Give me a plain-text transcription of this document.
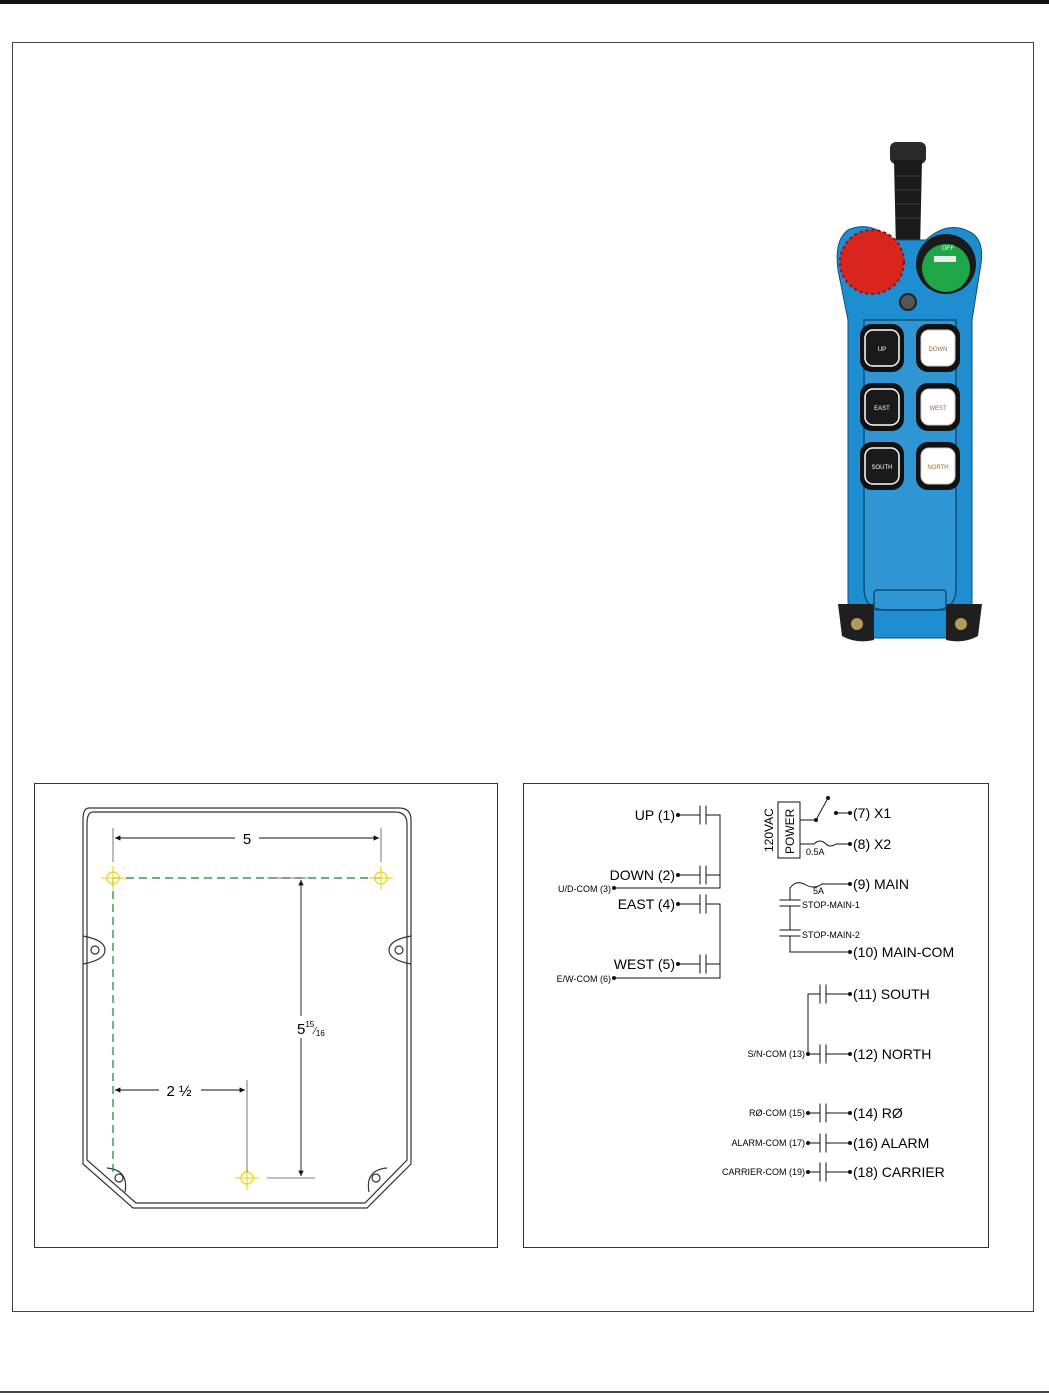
OFF
UP	DOWN
EAST	WEST
SOUTH	NORTH
5
$5^{15}_⁄16$
2 ½
UP (1)
DOWN (2)
U/D-COM (3)
EAST (4)
WEST (5)
E/W-COM (6)
POWER
120VAC	0.5A
5A
(7) X1
(8) X2
(9) MAIN
STOP-MAIN-1
STOP-MAIN-2
(10) MAIN-COM
(11) SOUTH
S/N-COM (13)	(12) NORTH
RØ-COM (15)	(14) RØ
ALARM-COM (17)	(16) ALARM
CARRIER-COM (19)	(18) CARRIER
